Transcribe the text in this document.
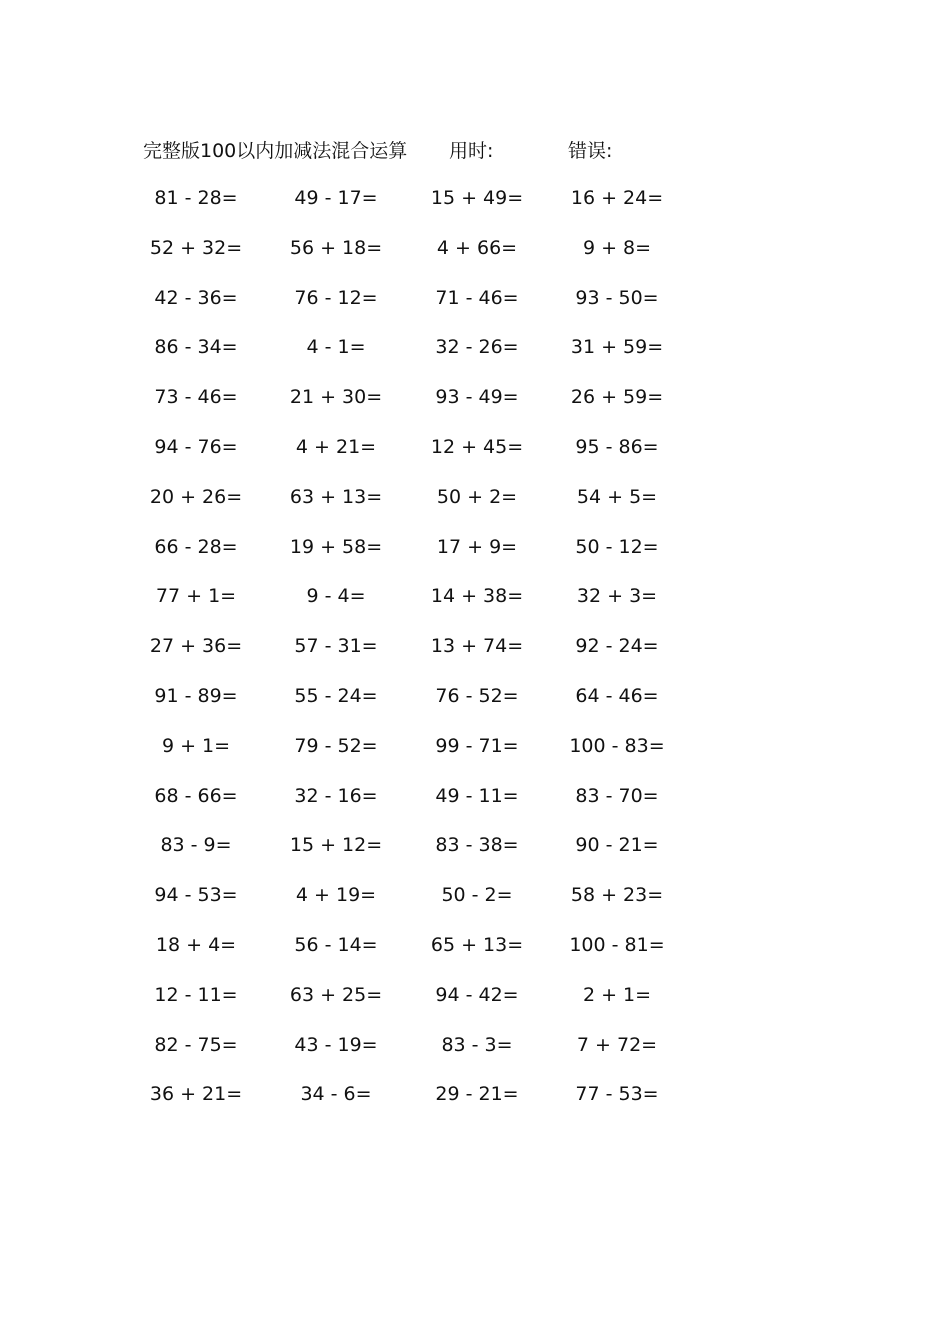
完整版100以内加减法混合运算 用时:	错误:
81 - 28=	49 - 17=	15 + 49=	16 + 24=
52 + 32=	56 + 18=	4 + 66=	9 + 8=
42 - 36=	76 - 12=	71 - 46=	93 - 50=
86 - 34=	4 - 1=	32 - 26=	31 + 59=
73 - 46=	21 + 30=	93 - 49=	26 + 59=
94 - 76=	4 + 21=	12 + 45=	95 - 86=
20 + 26=	63 + 13=	50 + 2=	54 + 5=
66 - 28=	19 + 58=	17 + 9=	50 - 12=
77 + 1=	9 - 4=	14 + 38=	32 + 3=
27 + 36=	57 - 31=	13 + 74=	92 - 24=
91 - 89=	55 - 24=	76 - 52=	64 - 46=
9 + 1=	79 - 52=	99 - 71=	100 - 83=
68 - 66=	32 - 16=	49 - 11=	83 - 70=
83 - 9=	15 + 12=	83 - 38=	90 - 21=
94 - 53=	4 + 19=	50 - 2=	58 + 23=
18 + 4=	56 - 14=	65 + 13=	100 - 81=
12 - 11=	63 + 25=	94 - 42=	2 + 1=
82 - 75=	43 - 19=	83 - 3=	7 + 72=
36 + 21=	34 - 6=	29 - 21=	77 - 53=
